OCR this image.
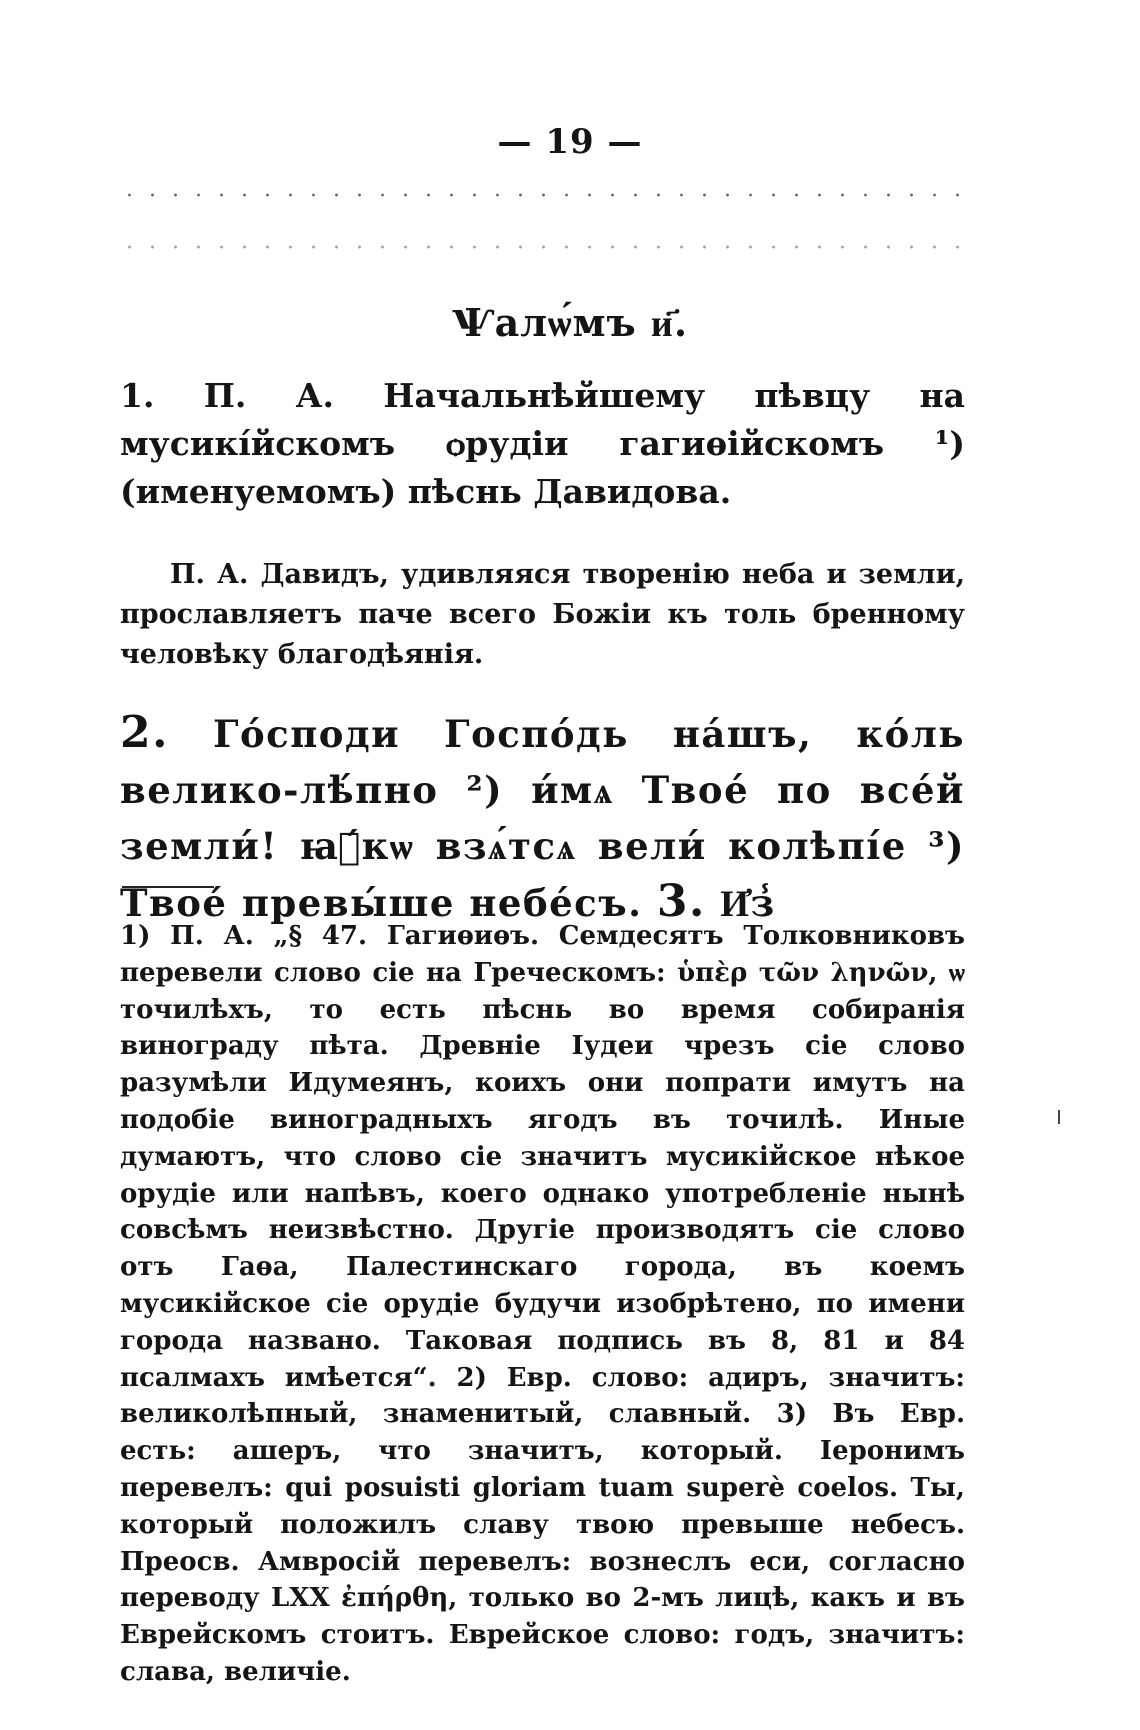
— 19 —
Ѱалѡ́мъ и҃.
1. П. А. Начальнѣйшему пѣвцу на мусикі́йскомъ ѻрудіи гагиѳійскомъ ¹) (именуемомъ) пѣснь Давидова.
П. А. Давидъ, удивляяся творенію неба и земли, прославляетъ паче всего Божіи къ толь бренному человѣку благодѣянія.
2. Го́споди Госпо́дь на́шъ, ко́ль велико-лѣ́пно ²) и́мѧ Твое́ по все́й земли́! ꙗ҆́кѡ взѧ́тсѧ вели́ колѣпі́е ³) Твое́ превы́ше небе́съ. 3. И҆з̾
1) П. А. „§ 47. Гагиѳиѳъ. Семдесятъ Толковниковъ перевели слово сіе на Греческомъ: ὑπὲρ τῶν ληνῶν, ѡ точилѣхъ, то есть пѣснь во время собиранія винограду пѣта. Древніе Іудеи чрезъ сіе слово разумѣли Идумеянъ, коихъ они попрати имутъ на подобіе виноградныхъ ягодъ въ точилѣ. Иные думаютъ, что слово сіе значитъ мусикійское нѣкое орудіе или напѣвъ, коего однако употребленіе нынѣ совсѣмъ неизвѣстно. Другіе производятъ сіе слово отъ Гаѳа, Палестинскаго города, въ коемъ мусикійское сіе орудіе будучи изобрѣтено, по имени города названо. Таковая подпись въ 8, 81 и 84 псалмахъ имѣется“. 2) Евр. слово: адиръ, значитъ: великолѣпный, знаменитый, славный. 3) Въ Евр. есть: ашеръ, что значитъ, который. Іеронимъ перевелъ: qui posuisti gloriam tuam superè coelos. Ты, который положилъ славу твою превыше небесъ. Преосв. Амвросій перевелъ: вознеслъ еси, согласно переводу LXX ἐπήρθη, только во 2-мъ лицѣ, какъ и въ Еврейскомъ стоитъ. Еврейское слово: годъ, значитъ: слава, величіе.
